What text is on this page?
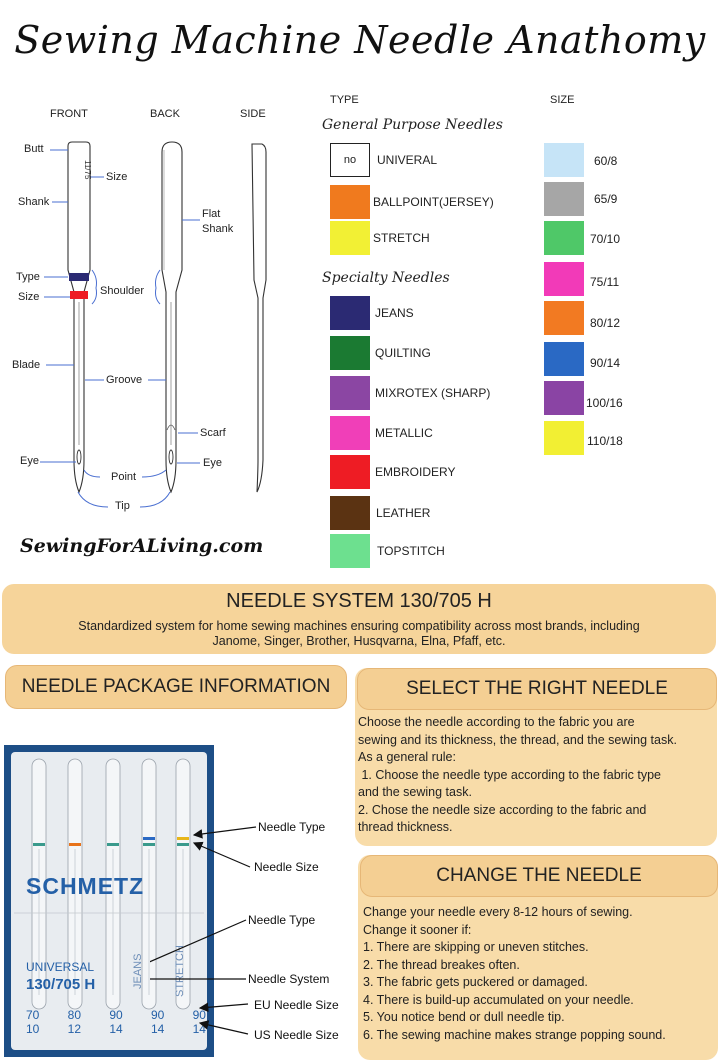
Sewing Machine Needle Anathomy
FRONT	BACK	SIDE
Butt
Size
11/75
Shank
Flat Shank
Type
Shoulder
Size
Blade
Groove
Scarf
Eye	Eye
Point
Tip
SewingForALiving.com
TYPE	SIZE
General Purpose Needles
Specialty Needles
no	UNIVERAL
BALLPOINT(JERSEY)
STRETCH
JEANS
QUILTING
MIXROTEX (SHARP)
METALLIC
EMBROIDERY
LEATHER
TOPSTITCH
60/8
65/9
70/10
75/11
80/12
90/14
100/16
110/18
NEEDLE SYSTEM 130/705 H
Standardized system for home sewing machines ensuring compatibility across most brands, including
Janome, Singer, Brother, Husqvarna, Elna, Pfaff, etc.
NEEDLE PACKAGE INFORMATION
SCHMETZ
UNIVERSAL
130/705 H	JEANS	STRETCH
70 80 90 90 90
10 12 14 14 14
Needle Type
Needle Size
Needle Type
Needle System
EU Needle Size
US Needle Size
SELECT THE RIGHT NEEDLE
Choose the needle according to the fabric you are
sewing and its thickness, the thread, and the sewing task.
As a general rule:
1. Choose the needle type according to the fabric type
and the sewing task.
2. Chose the needle size according to the fabric and
thread thickness.
CHANGE THE NEEDLE
Change your needle every 8-12 hours of sewing.
Change it sooner if:
1. There are skipping or uneven stitches.
2. The thread breakes often.
3. The fabric gets puckered or damaged.
4. There is build-up accumulated on your needle.
5. You notice bend or dull needle tip.
6. The sewing machine makes strange popping sound.
